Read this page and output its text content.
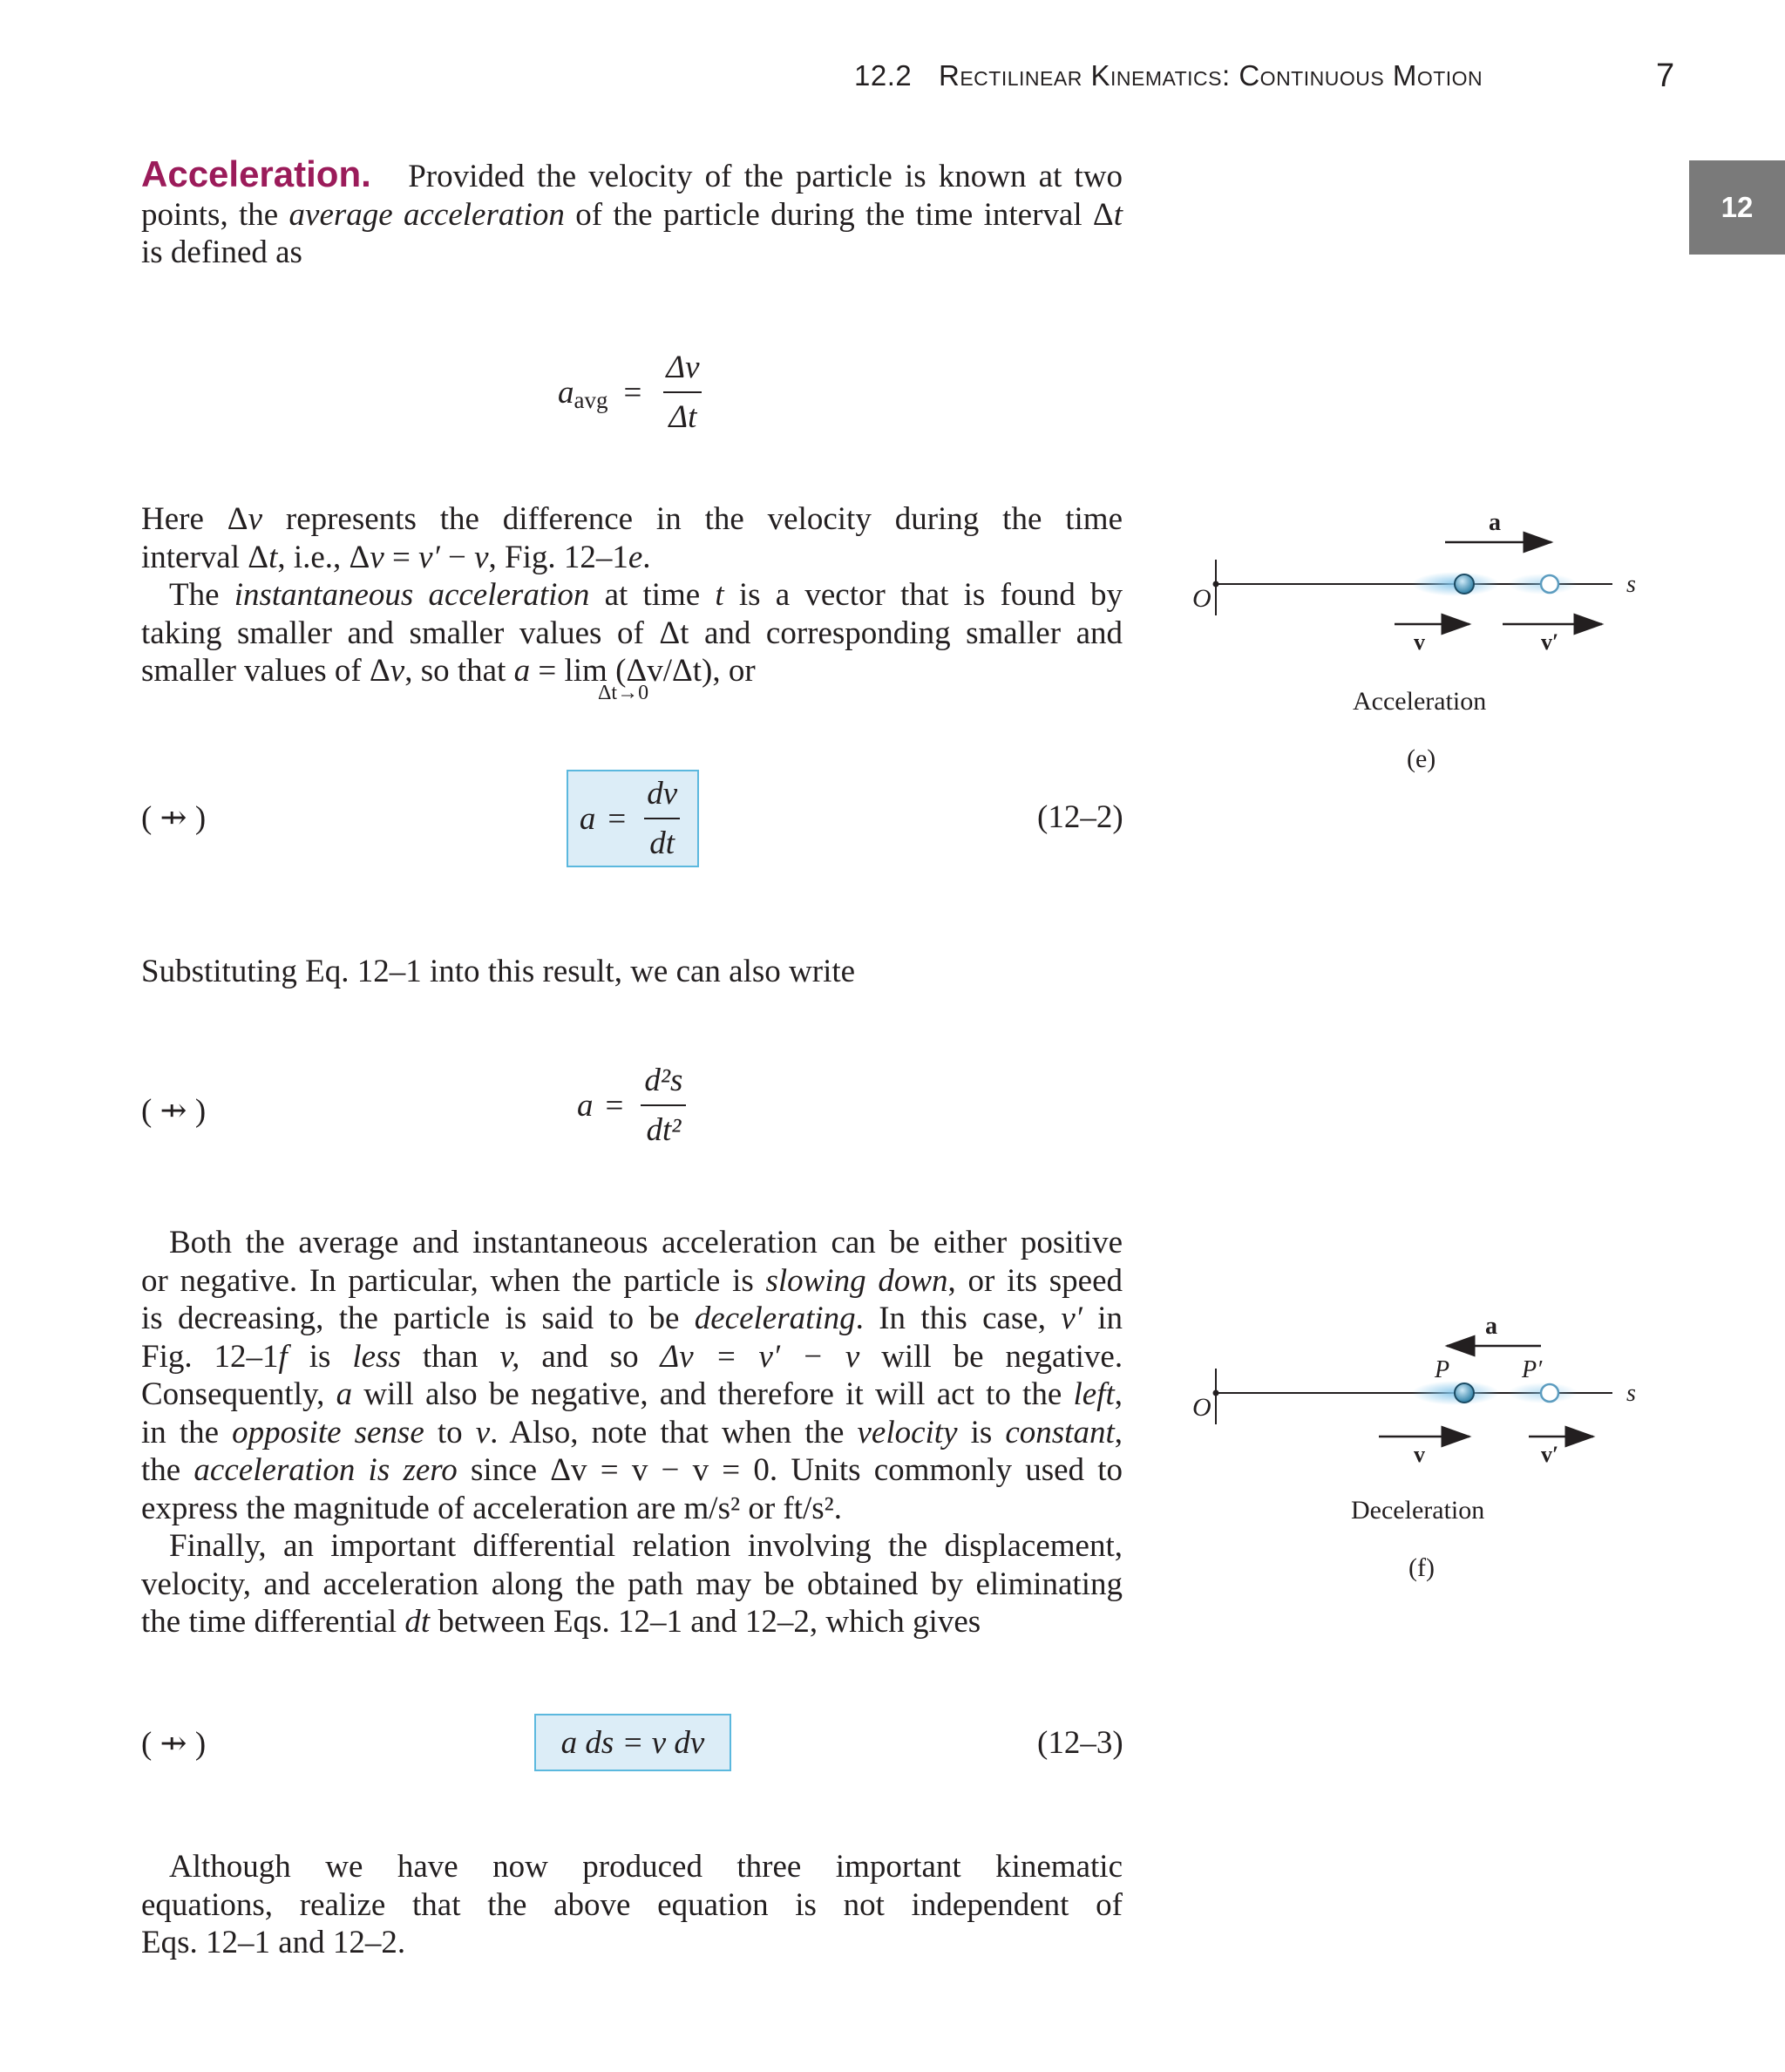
12.2 Rectilinear Kinematics: Continuous Motion	7
12
Acceleration. Provided the velocity of the particle is known at two
points, the average acceleration of the particle during the time interval Δt
is defined as
a avg = $\frac{\Delta v}{\Delta t}$
Here Δv represents the difference in the velocity during the time
interval Δt, i.e., Δv = v′ − v, Fig. 12–1e.
The instantaneous acceleration at time t is a vector that is found by
taking smaller and smaller values of Δt and corresponding smaller and
smaller values of Δv, so that a = lim (Δv/Δt), or
Δt→0
( ⇸ )	$a = \frac{dv}{dt}$	(12–2)
Substituting Eq. 12–1 into this result, we can also write
( ⇸ )	$a = \frac{\text{d²s}}{\text{dt²}}$
Both the average and instantaneous acceleration can be either positive
or negative. In particular, when the particle is slowing down, or its speed
is decreasing, the particle is said to be decelerating. In this case, v′ in
Fig. 12–1f is less than v, and so Δv = v′ − v will be negative.
Consequently, a will also be negative, and therefore it will act to the left,
in the opposite sense to v. Also, note that when the velocity is constant,
the acceleration is zero since Δv = v − v = 0. Units commonly used to
express the magnitude of acceleration are m/s² or ft/s².
Finally, an important differential relation involving the displacement,
velocity, and acceleration along the path may be obtained by eliminating
the time differential dt between Eqs. 12–1 and 12–2, which gives
( ⇸ )	a ds = v dv	(12–3)
Although we have now produced three important kinematic
equations, realize that the above equation is not independent of
Eqs. 12–1 and 12–2.
O	s
a
v	v′
Acceleration
(e)
O	s
a
P	P′
v	v′
Deceleration
(f)
